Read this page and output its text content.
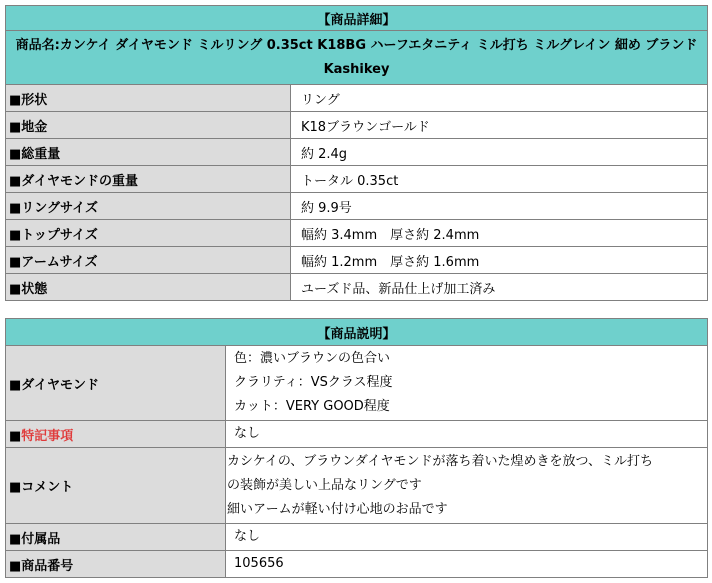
【商品詳細】	
商品名:カンケイ ダイヤモンド ミルリング 0.35ct K18BG ハーフエタニティ ミル打ち ミルグレイン 細め ブランド Kashikey	
■形状	リング
■地金	K18ブラウンゴールド
■総重量	約 2.4g
■ダイヤモンドの重量	トータル 0.35ct
■リングサイズ	約 9.9号
■トップサイズ	幅約 3.4mm　厚さ約 2.4mm
■アームサイズ	幅約 1.2mm　厚さ約 1.6mm
■状態	ユーズド品、新品仕上げ加工済み
【商品説明】	
■ダイヤモンド	色：濃いブラウンの色合い
クラリティ：VSクラス程度
カット：VERY GOOD程度

■特記事項	なし
■コメント	カシケイの、ブラウンダイヤモンドが落ち着いた煌めきを放つ、ミル打ち
の装飾が美しい上品なリングです
細いアームが軽い付け心地のお品です

■付属品	なし
■商品番号	105656
